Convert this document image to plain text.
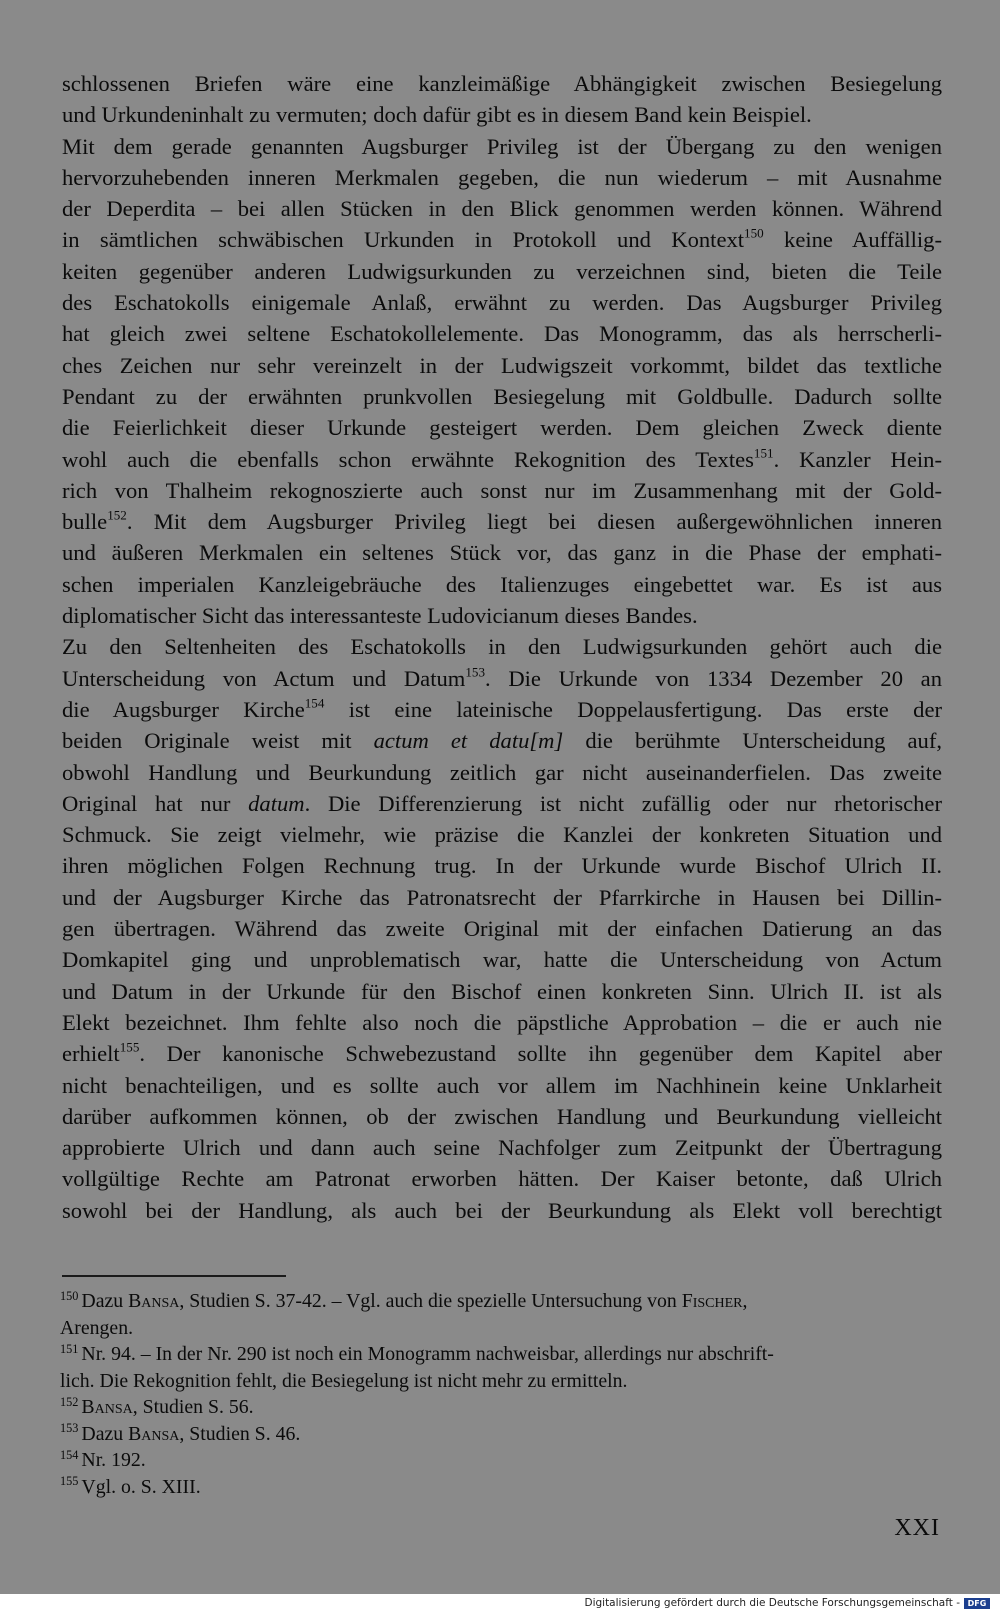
schlossenen Briefen wäre eine kanzleimäßige Abhängigkeit zwischen Besiegelung
und Urkundeninhalt zu vermuten; doch dafür gibt es in diesem Band kein Beispiel.
Mit dem gerade genannten Augsburger Privileg ist der Übergang zu den wenigen
hervorzuhebenden inneren Merkmalen gegeben, die nun wiederum – mit Ausnahme
der Deperdita – bei allen Stücken in den Blick genommen werden können. Während
in sämtlichen schwäbischen Urkunden in Protokoll und Kontext$^{150}$ keine Auffällig-
keiten gegenüber anderen Ludwigsurkunden zu verzeichnen sind, bieten die Teile
des Eschatokolls einigemale Anlaß, erwähnt zu werden. Das Augsburger Privileg
hat gleich zwei seltene Eschatokollelemente. Das Monogramm, das als herrscherli-
ches Zeichen nur sehr vereinzelt in der Ludwigszeit vorkommt, bildet das textliche
Pendant zu der erwähnten prunkvollen Besiegelung mit Goldbulle. Dadurch sollte
die Feierlichkeit dieser Urkunde gesteigert werden. Dem gleichen Zweck diente
wohl auch die ebenfalls schon erwähnte Rekognition des Textes$^{151}$. Kanzler Hein-
rich von Thalheim rekognoszierte auch sonst nur im Zusammenhang mit der Gold-
bulle$^{152}$. Mit dem Augsburger Privileg liegt bei diesen außergewöhnlichen inneren
und äußeren Merkmalen ein seltenes Stück vor, das ganz in die Phase der emphati-
schen imperialen Kanzleigebräuche des Italienzuges eingebettet war. Es ist aus
diplomatischer Sicht das interessanteste Ludovicianum dieses Bandes.
Zu den Seltenheiten des Eschatokolls in den Ludwigsurkunden gehört auch die
Unterscheidung von Actum und Datum$^{153}$. Die Urkunde von 1334 Dezember 20 an
die Augsburger Kirche$^{154}$ ist eine lateinische Doppelausfertigung. Das erste der
beiden Originale weist mit actum et datu[m] die berühmte Unterscheidung auf,
obwohl Handlung und Beurkundung zeitlich gar nicht auseinanderfielen. Das zweite
Original hat nur datum. Die Differenzierung ist nicht zufällig oder nur rhetorischer
Schmuck. Sie zeigt vielmehr, wie präzise die Kanzlei der konkreten Situation und
ihren möglichen Folgen Rechnung trug. In der Urkunde wurde Bischof Ulrich II.
und der Augsburger Kirche das Patronatsrecht der Pfarrkirche in Hausen bei Dillin-
gen übertragen. Während das zweite Original mit der einfachen Datierung an das
Domkapitel ging und unproblematisch war, hatte die Unterscheidung von Actum
und Datum in der Urkunde für den Bischof einen konkreten Sinn. Ulrich II. ist als
Elekt bezeichnet. Ihm fehlte also noch die päpstliche Approbation – die er auch nie
erhielt$^{155}$. Der kanonische Schwebezustand sollte ihn gegenüber dem Kapitel aber
nicht benachteiligen, und es sollte auch vor allem im Nachhinein keine Unklarheit
darüber aufkommen können, ob der zwischen Handlung und Beurkundung vielleicht
approbierte Ulrich und dann auch seine Nachfolger zum Zeitpunkt der Übertragung
vollgültige Rechte am Patronat erworben hätten. Der Kaiser betonte, daß Ulrich
sowohl bei der Handlung, als auch bei der Beurkundung als Elekt voll berechtigt
$^{150}$ Dazu Bansa, Studien S. 37-42. – Vgl. auch die spezielle Untersuchung von Fischer,
Arengen.
$^{151}$ Nr. 94. – In der Nr. 290 ist noch ein Monogramm nachweisbar, allerdings nur abschrift-
lich. Die Rekognition fehlt, die Besiegelung ist nicht mehr zu ermitteln.
$^{152}$ Bansa, Studien S. 56.
$^{153}$ Dazu Bansa, Studien S. 46.
$^{154}$ Nr. 192.
$^{155}$ Vgl. o. S. XIII.
XXI
Digitalisierung gefördert durch die Deutsche Forschungsgemeinschaft - DFG
